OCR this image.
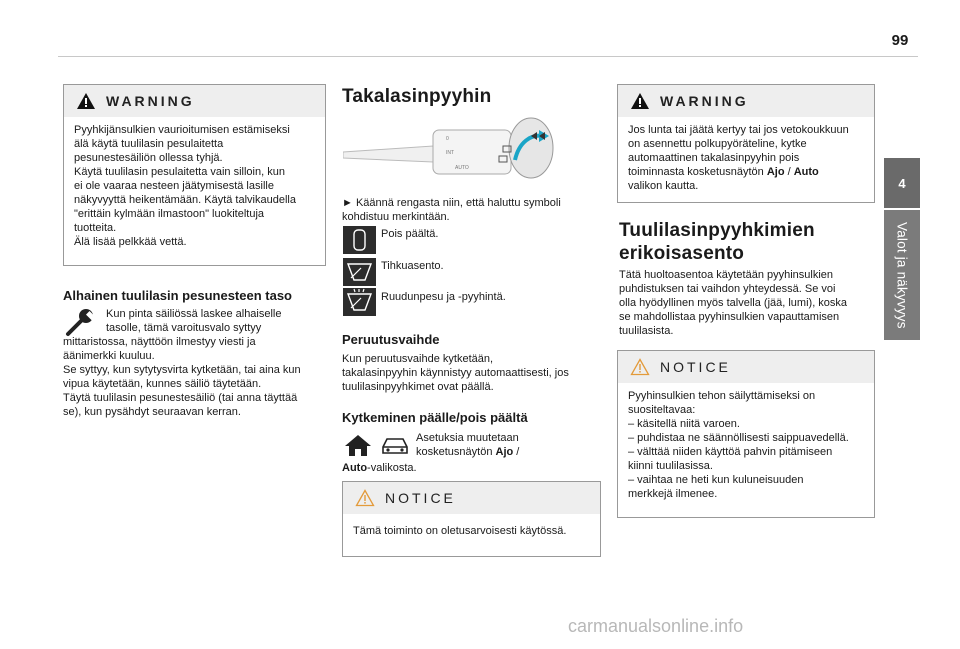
99
4
Valot ja näkyvyys
WARNING
Pyyhkijänsulkien vaurioitumisen estämiseksi
älä käytä tuulilasin pesulaitetta
pesunestesäiliön ollessa tyhjä.
Käytä tuulilasin pesulaitetta vain silloin, kun
ei ole vaaraa nesteen jäätymisestä lasille
näkyvyyttä heikentämään. Käytä talvikaudella
"erittäin kylmään ilmastoon" luokiteltuja
tuotteita.
Älä lisää pelkkää vettä.
Alhainen tuulilasin pesunesteen taso
Kun pinta säiliössä laskee alhaiselle
tasolle, tämä varoitusvalo syttyy
mittaristossa, näyttöön ilmestyy viesti ja
äänimerkki kuuluu.
Se syttyy, kun sytytysvirta kytketään, tai aina kun
vipua käytetään, kunnes säiliö täytetään.
Täytä tuulilasin pesunestesäiliö (tai anna täyttää
se), kun pysähdyt seuraavan kerran.
Takalasinpyyhin
0
INT
AUTO
► Käännä rengasta niin, että haluttu symboli
kohdistuu merkintään.
Pois päältä.
Tihkuasento.
Ruudunpesu ja -pyyhintä.
Peruutusvaihde
Kun peruutusvaihde kytketään,
takalasinpyyhin käynnistyy automaattisesti, jos
tuulilasinpyyhkimet ovat päällä.
Kytkeminen päälle/pois päältä
Asetuksia muutetaan
kosketusnäytön Ajo /
Auto-valikosta.
NOTICE
Tämä toiminto on oletusarvoisesti käytössä.
WARNING
Jos lunta tai jäätä kertyy tai jos vetokoukkuun
on asennettu polkupyöräteline, kytke
automaattinen takalasinpyyhin pois
toiminnasta kosketusnäytön Ajo / Auto
valikon kautta.
Tuulilasinpyyhkimien
erikoisasento
Tätä huoltoasentoa käytetään pyyhinsulkien
puhdistuksen tai vaihdon yhteydessä. Se voi
olla hyödyllinen myös talvella (jää, lumi), koska
se mahdollistaa pyyhinsulkien vapauttamisen
tuulilasista.
NOTICE
Pyyhinsulkien tehon säilyttämiseksi on
suositeltavaa:
– käsitellä niitä varoen.
– puhdistaa ne säännöllisesti saippuavedellä.
– välttää niiden käyttöä pahvin pitämiseen
kiinni tuulilasissa.
– vaihtaa ne heti kun kuluneisuuden
merkkejä ilmenee.
carmanualsonline.info
